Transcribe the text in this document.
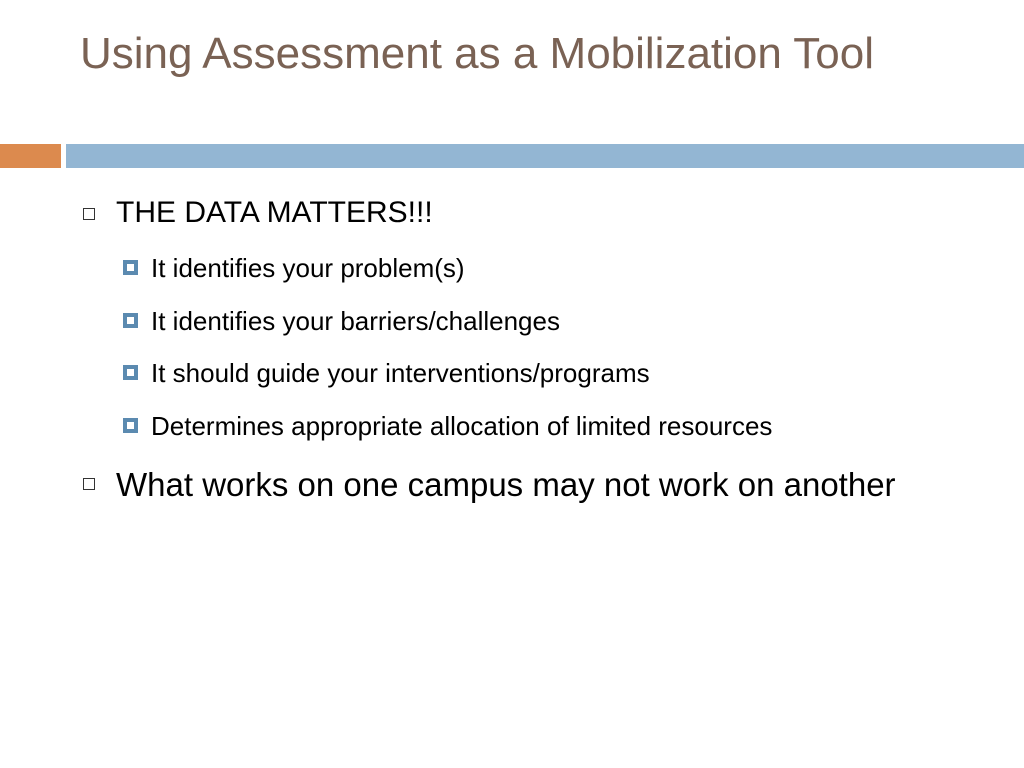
Using Assessment as a Mobilization Tool
THE DATA MATTERS!!!
It identifies your problem(s)
It identifies your barriers/challenges
It should guide your interventions/programs
Determines appropriate allocation of limited resources
What works on one campus may not work on another
